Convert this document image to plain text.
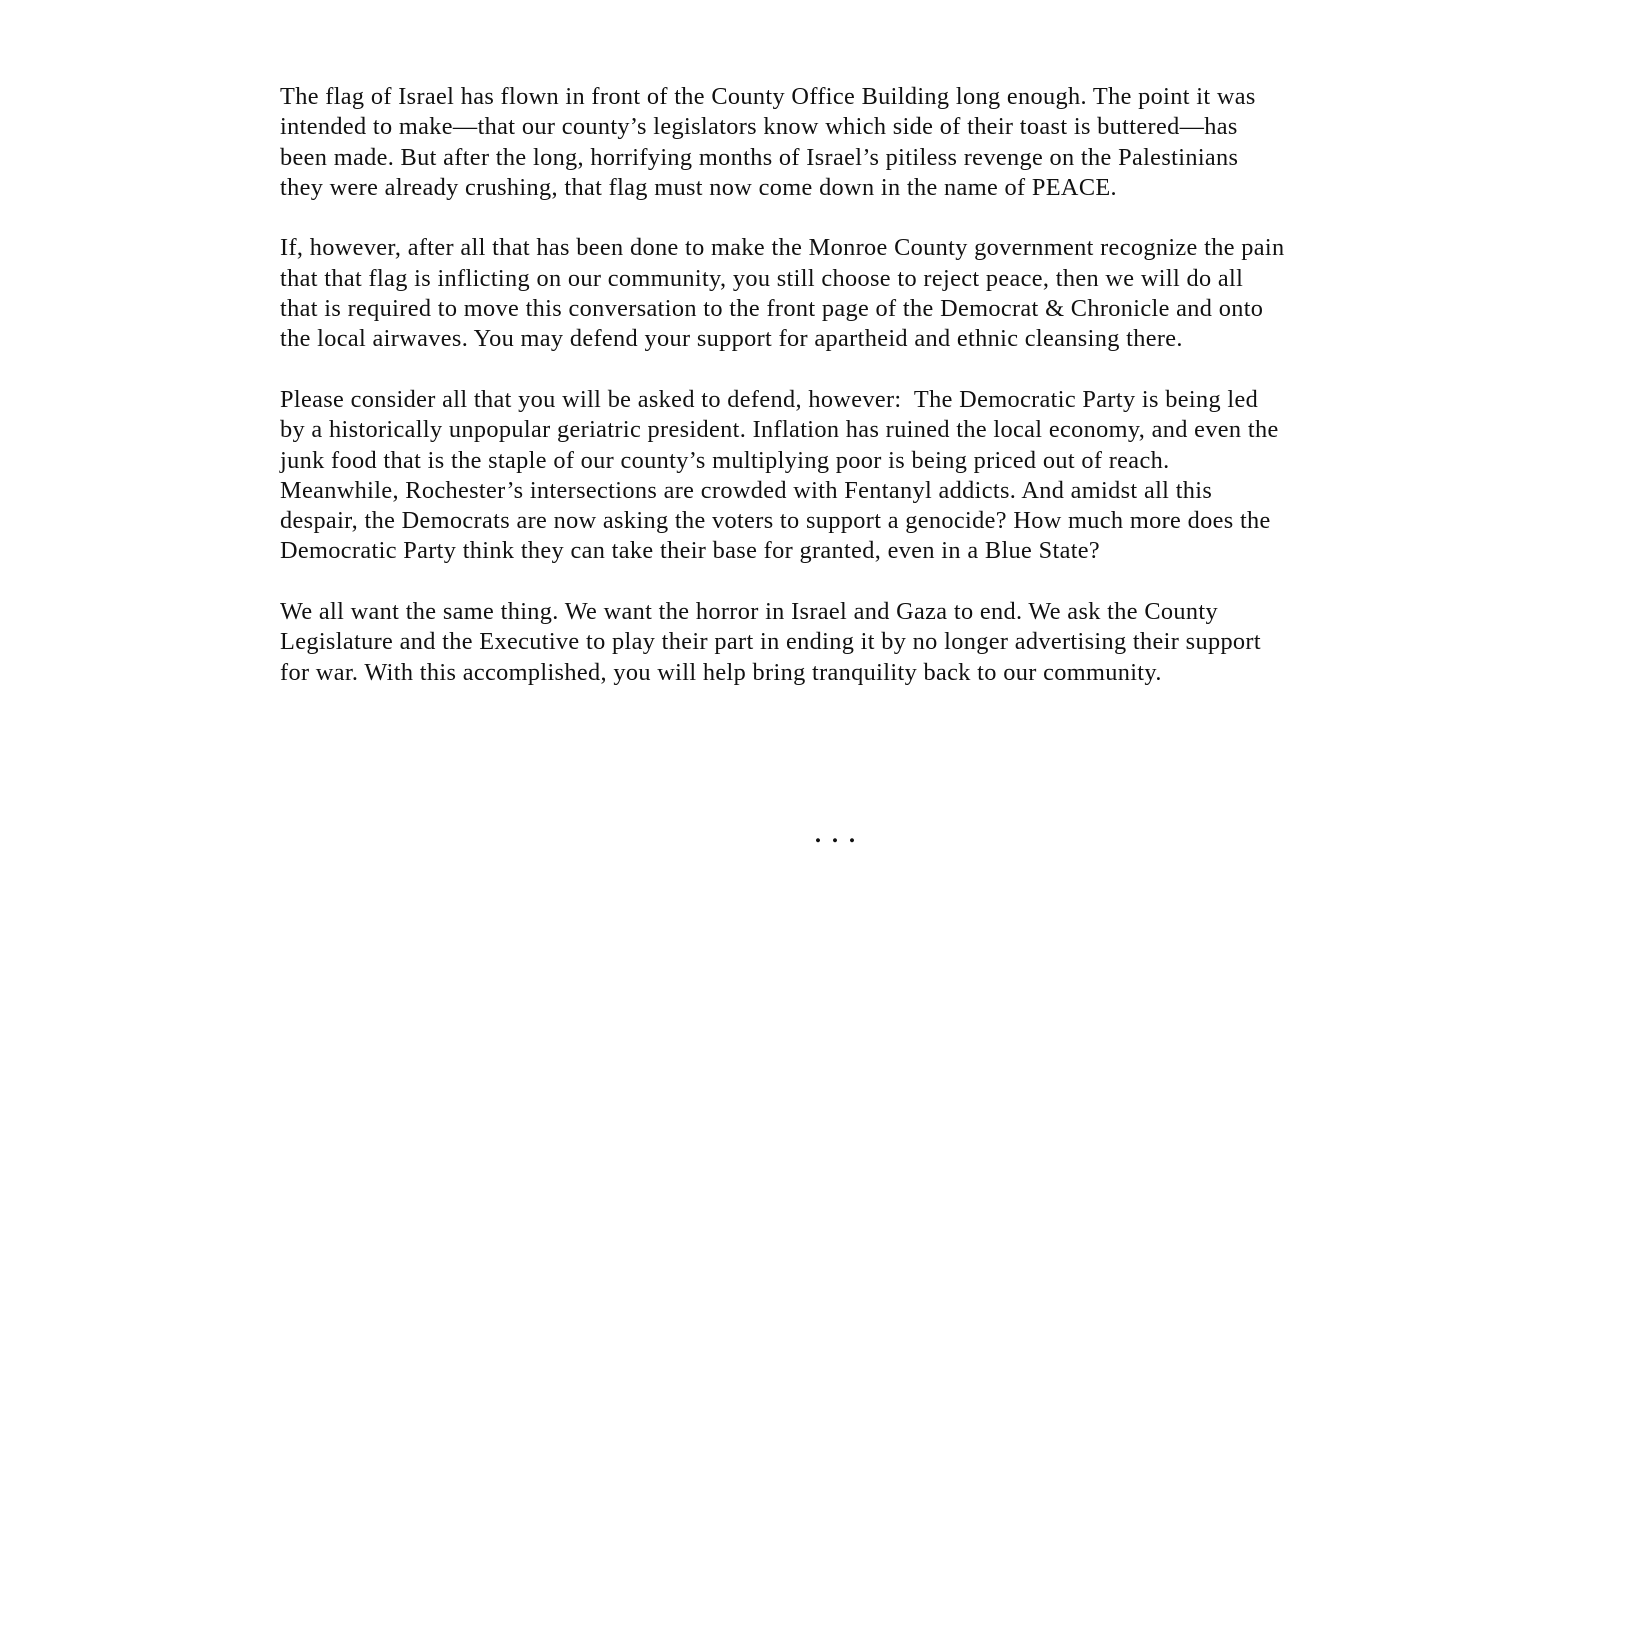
The flag of Israel has flown in front of the County Office Building long enough. The point it was
intended to make—that our county’s legislators know which side of their toast is buttered—has
been made. But after the long, horrifying months of Israel’s pitiless revenge on the Palestinians
they were already crushing, that flag must now come down in the name of PEACE.

If, however, after all that has been done to make the Monroe County government recognize the pain
that that flag is inflicting on our community, you still choose to reject peace, then we will do all
that is required to move this conversation to the front page of the Democrat & Chronicle and onto
the local airwaves. You may defend your support for apartheid and ethnic cleansing there.

Please consider all that you will be asked to defend, however:  The Democratic Party is being led
by a historically unpopular geriatric president. Inflation has ruined the local economy, and even the
junk food that is the staple of our county’s multiplying poor is being priced out of reach.
Meanwhile, Rochester’s intersections are crowded with Fentanyl addicts. And amidst all this
despair, the Democrats are now asking the voters to support a genocide? How much more does the
Democratic Party think they can take their base for granted, even in a Blue State?

We all want the same thing. We want the horror in Israel and Gaza to end. We ask the County
Legislature and the Executive to play their part in ending it by no longer advertising their support
for war. With this accomplished, you will help bring tranquility back to our community.

. . .
